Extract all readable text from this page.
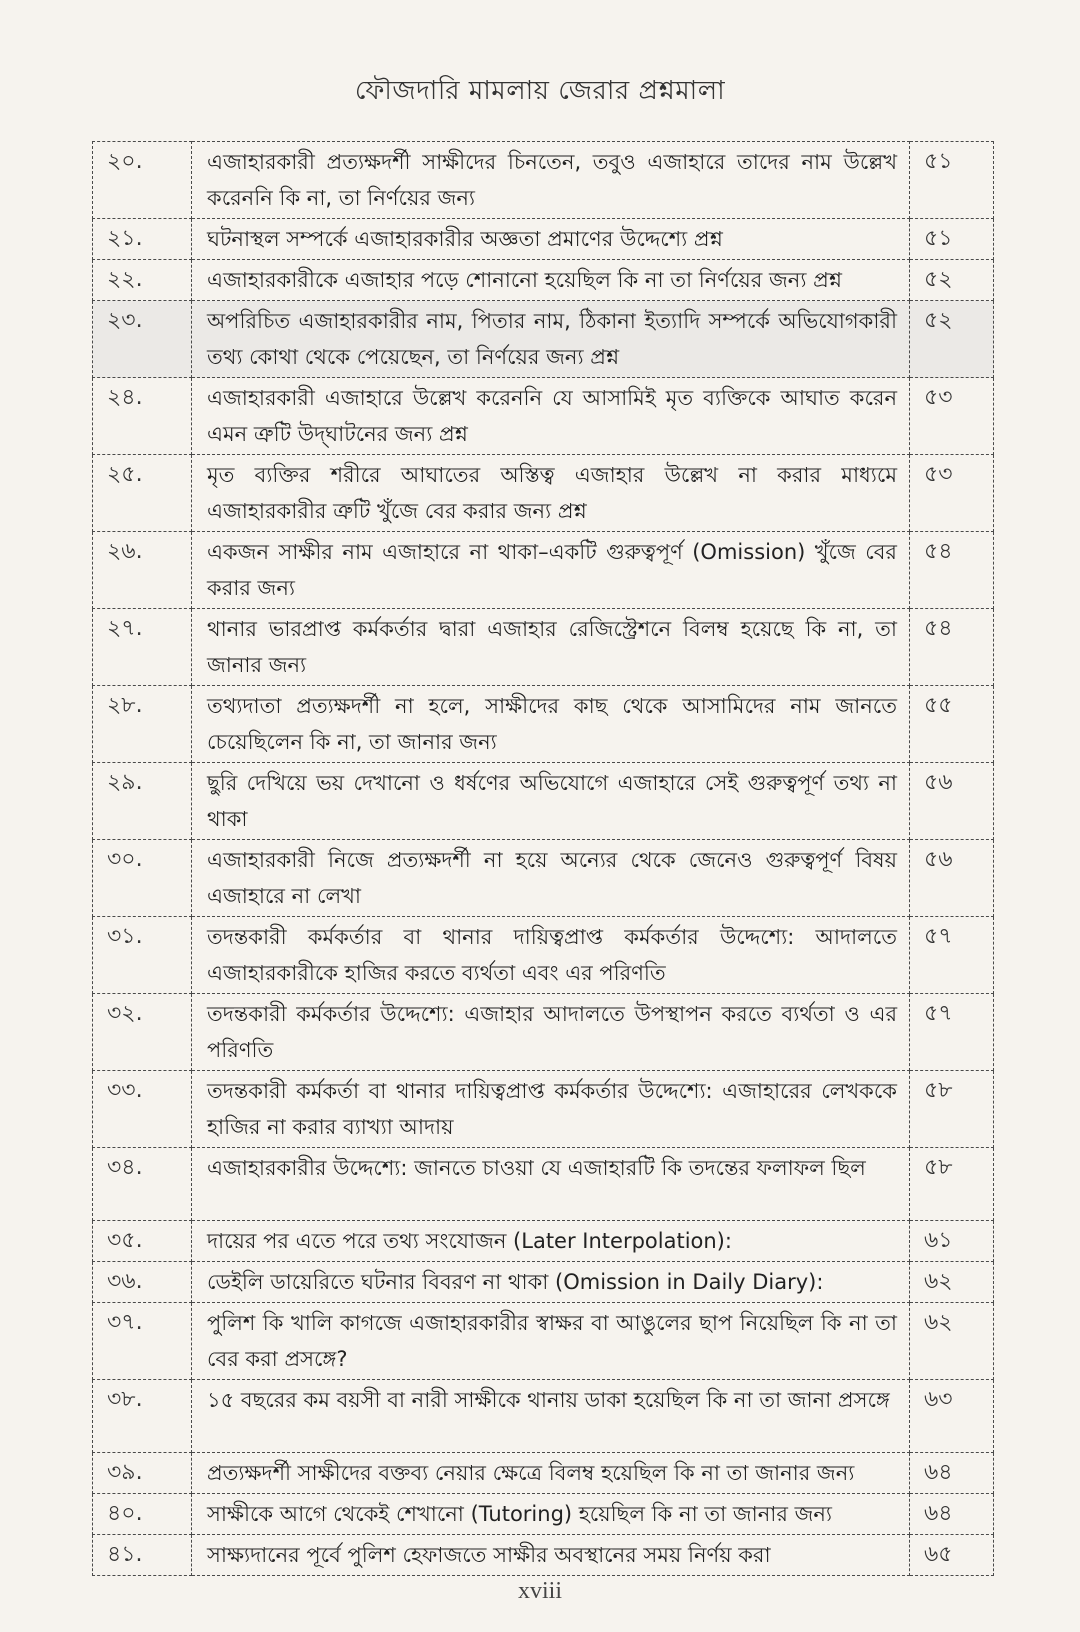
ফৌজদারি মামলায় জেরার প্রশ্নমালা
২০.	এজাহারকারী প্রত্যক্ষদর্শী সাক্ষীদের চিনতেন, তবুও এজাহারে তাদের নাম উল্লেখ করেননি কি না, তা নির্ণয়ের জন্য	৫১
২১.	ঘটনাস্থল সম্পর্কে এজাহারকারীর অজ্ঞতা প্রমাণের উদ্দেশ্যে প্রশ্ন	৫১
২২.	এজাহারকারীকে এজাহার পড়ে শোনানো হয়েছিল কি না তা নির্ণয়ের জন্য প্রশ্ন	৫২
২৩.	অপরিচিত এজাহারকারীর নাম, পিতার নাম, ঠিকানা ইত্যাদি সম্পর্কে অভিযোগকারী তথ্য কোথা থেকে পেয়েছেন, তা নির্ণয়ের জন্য প্রশ্ন	৫২
২৪.	এজাহারকারী এজাহারে উল্লেখ করেননি যে আসামিই মৃত ব্যক্তিকে আঘাত করেন এমন ত্রুটি উদ্‌ঘাটনের জন্য প্রশ্ন	৫৩
২৫.	মৃত ব্যক্তির শরীরে আঘাতের অস্তিত্ব এজাহার উল্লেখ না করার মাধ্যমে এজাহারকারীর ত্রুটি খুঁজে বের করার জন্য প্রশ্ন	৫৩
২৬.	একজন সাক্ষীর নাম এজাহারে না থাকা–একটি গুরুত্বপূর্ণ (Omission) খুঁজে বের করার জন্য	৫৪
২৭.	থানার ভারপ্রাপ্ত কর্মকর্তার দ্বারা এজাহার রেজিস্ট্রেশনে বিলম্ব হয়েছে কি না, তা জানার জন্য	৫৪
২৮.	তথ্যদাতা প্রত্যক্ষদর্শী না হলে, সাক্ষীদের কাছ থেকে আসামিদের নাম জানতে চেয়েছিলেন কি না, তা জানার জন্য	৫৫
২৯.	ছুরি দেখিয়ে ভয় দেখানো ও ধর্ষণের অভিযোগে এজাহারে সেই গুরুত্বপূর্ণ তথ্য না থাকা	৫৬
৩০.	এজাহারকারী নিজে প্রত্যক্ষদর্শী না হয়ে অন্যের থেকে জেনেও গুরুত্বপূর্ণ বিষয় এজাহারে না লেখা	৫৬
৩১.	তদন্তকারী কর্মকর্তার বা থানার দায়িত্বপ্রাপ্ত কর্মকর্তার উদ্দেশ্যে: আদালতে এজাহারকারীকে হাজির করতে ব্যর্থতা এবং এর পরিণতি	৫৭
৩২.	তদন্তকারী কর্মকর্তার উদ্দেশ্যে: এজাহার আদালতে উপস্থাপন করতে ব্যর্থতা ও এর পরিণতি	৫৭
৩৩.	তদন্তকারী কর্মকর্তা বা থানার দায়িত্বপ্রাপ্ত কর্মকর্তার উদ্দেশ্যে: এজাহারের লেখককে হাজির না করার ব্যাখ্যা আদায়	৫৮
৩৪.	এজাহারকারীর উদ্দেশ্যে: জানতে চাওয়া যে এজাহারটি কি তদন্তের ফলাফল ছিল	৫৮
৩৫.	দায়ের পর এতে পরে তথ্য সংযোজন (Later Interpolation):	৬১
৩৬.	ডেইলি ডায়েরিতে ঘটনার বিবরণ না থাকা (Omission in Daily Diary):	৬২
৩৭.	পুলিশ কি খালি কাগজে এজাহারকারীর স্বাক্ষর বা আঙুলের ছাপ নিয়েছিল কি না তা বের করা প্রসঙ্গে?	৬২
৩৮.	১৫ বছরের কম বয়সী বা নারী সাক্ষীকে থানায় ডাকা হয়েছিল কি না তা জানা প্রসঙ্গে	৬৩
৩৯.	প্রত্যক্ষদর্শী সাক্ষীদের বক্তব্য নেয়ার ক্ষেত্রে বিলম্ব হয়েছিল কি না তা জানার জন্য	৬৪
৪০.	সাক্ষীকে আগে থেকেই শেখানো (Tutoring) হয়েছিল কি না তা জানার জন্য	৬৪
৪১.	সাক্ষ্যদানের পূর্বে পুলিশ হেফাজতে সাক্ষীর অবস্থানের সময় নির্ণয় করা	৬৫
xviii
